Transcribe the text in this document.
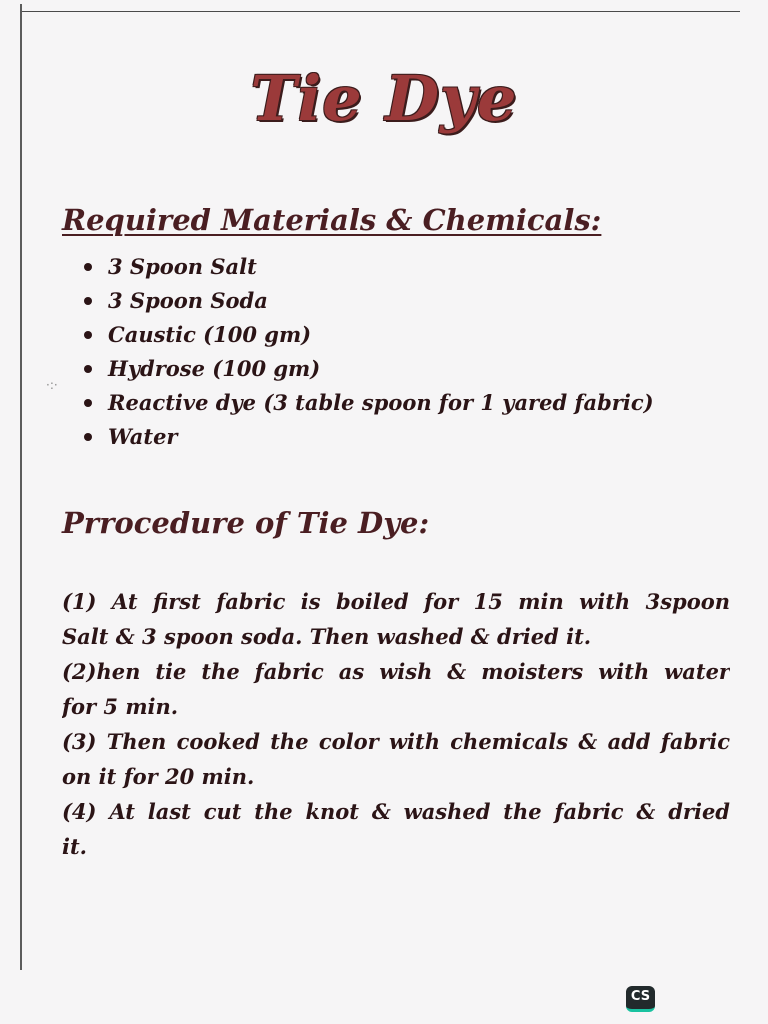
Tie Dye
Required Materials & Chemicals:
3 Spoon Salt
3 Spoon Soda
Caustic (100 gm)
Hydrose (100 gm)
Reactive dye (3 table spoon for 1 yared fabric)
Water
·:·
Prrocedure of Tie Dye:
(1) At first fabric is boiled for 15 min with 3spoon
Salt & 3 spoon soda. Then washed & dried it.
(2)hen tie the fabric as wish & moisters with water
for 5 min.
(3) Then cooked the color with chemicals & add fabric
on it for 20 min.
(4) At last cut the knot & washed the fabric & dried
it.
CS
